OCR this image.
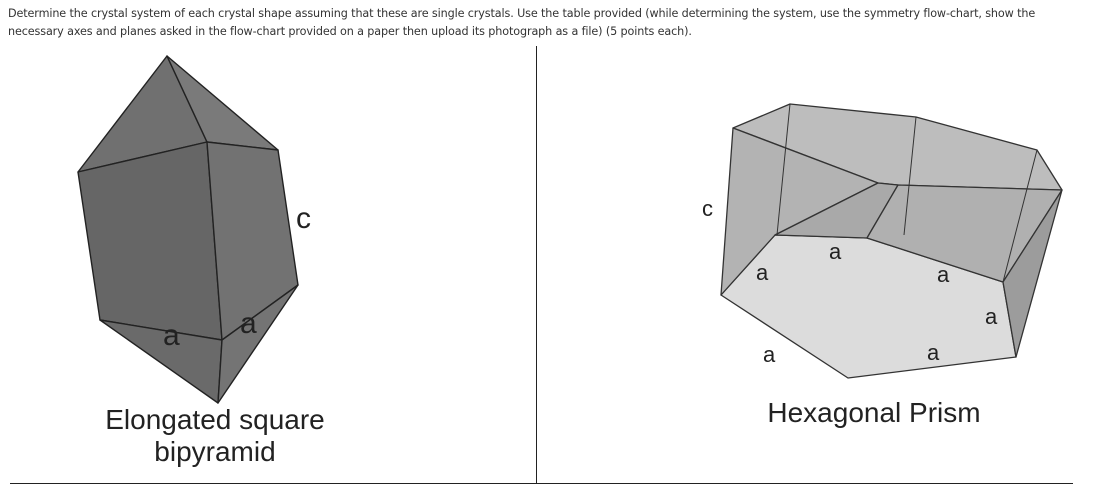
Determine the crystal system of each crystal shape assuming that these are single crystals. Use the table provided (while determining the system, use the symmetry flow-chart, show the necessary axes and planes asked in the flow-chart provided on a paper then upload its photograph as a file) (5 points each).
c
a a
Elongated square
bipyramid
c
a
a
a
a
a	a
Hexagonal Prism
